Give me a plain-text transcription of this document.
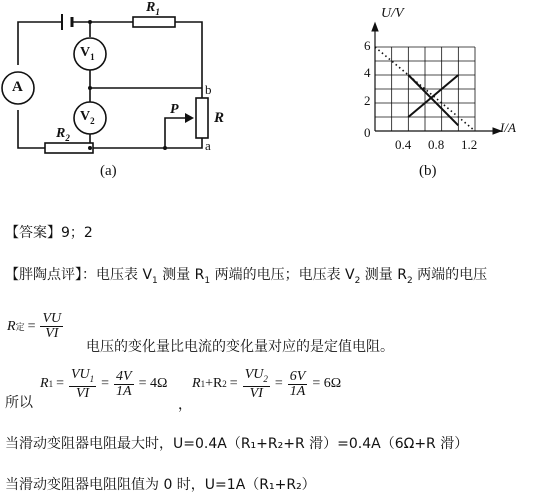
A
$V_1$
$V_2$
$R_1$
$R_2$
R
P
b
a
(a)
U/V
I/A
6
4
2
0
0.4 0.8 1.2
(b)
【答案】9；2
【胖陶点评】：电压表 $V_1$ 测量 $R_1$ 两端的电压；电压表 $V_2$ 测量 $R_2$ 两端的电压
R 定 = $\frac{VU}{VI}$
电压的变化量比电流的变化量对应的是定值电阻。
所以
R $1 = \frac{VU_1}{VI} = \frac{4V}{1A} = 4\Omega$
，
R 1 +R $2 = \frac{VU_2}{VI} = \frac{6V}{1A} = 6\Omega$
当滑动变阻器电阻最大时，U=0.4A（R₁+R₂+R 滑）=0.4A（6Ω+R 滑）
当滑动变阻器电阻阻值为 0 时，U=1A（R₁+R₂）
